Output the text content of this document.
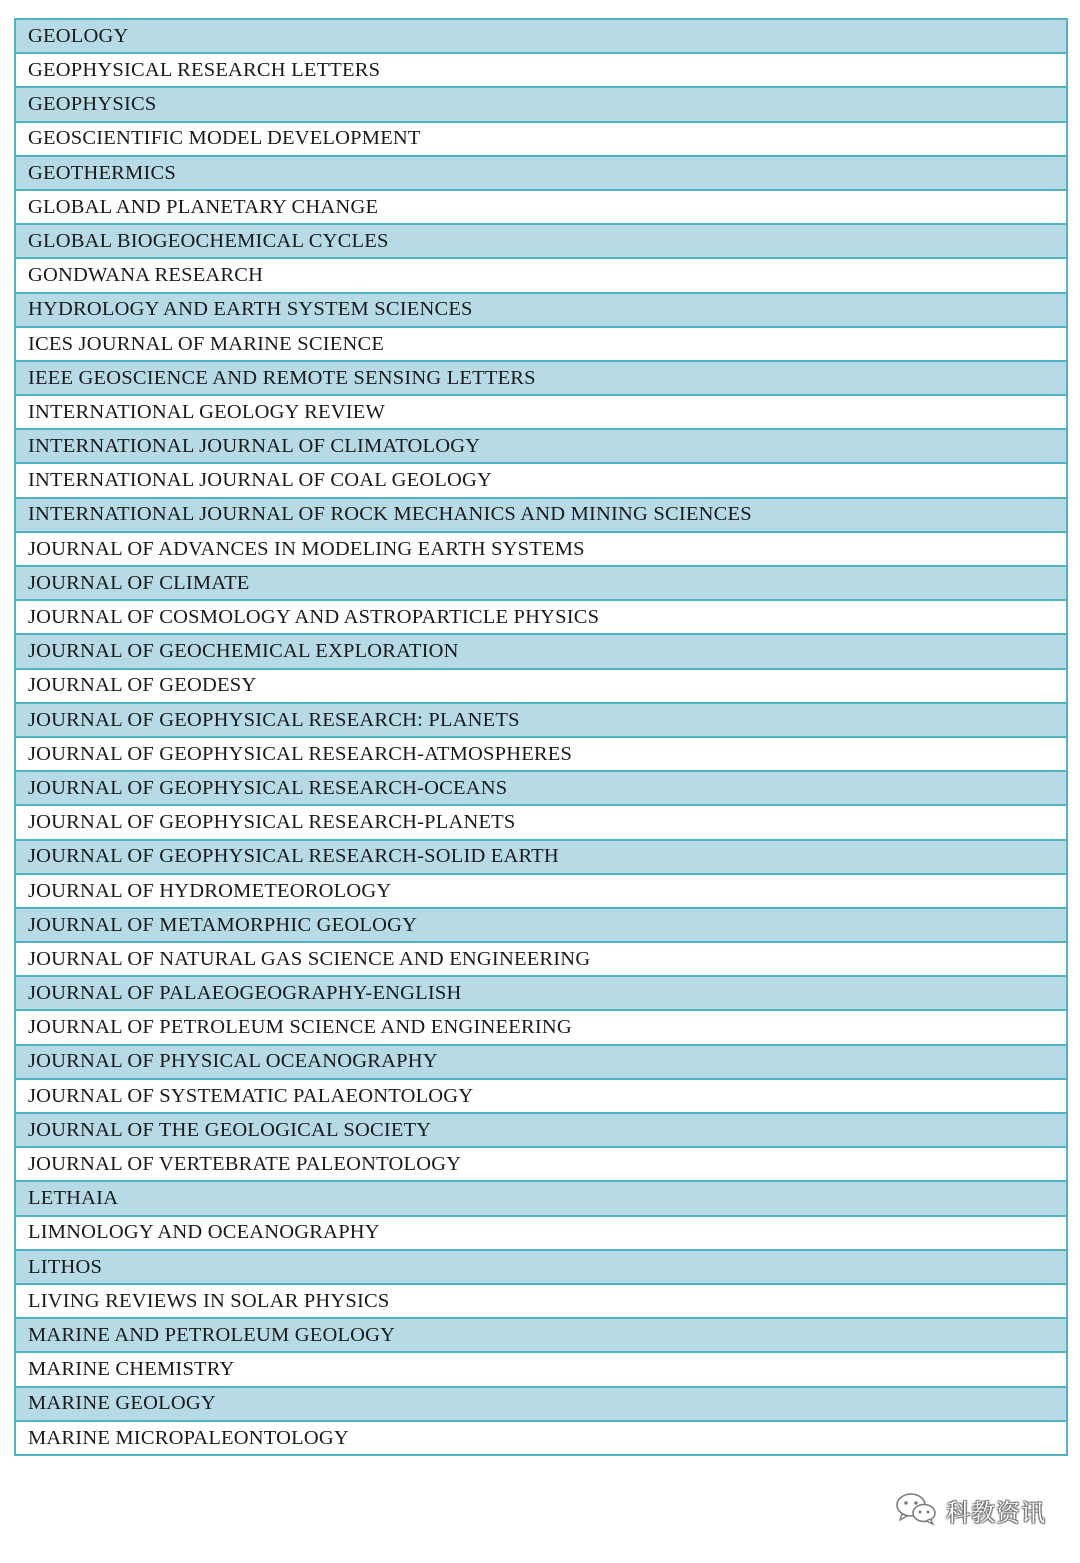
GEOLOGY
GEOPHYSICAL RESEARCH LETTERS
GEOPHYSICS
GEOSCIENTIFIC MODEL DEVELOPMENT
GEOTHERMICS
GLOBAL AND PLANETARY CHANGE
GLOBAL BIOGEOCHEMICAL CYCLES
GONDWANA RESEARCH
HYDROLOGY AND EARTH SYSTEM SCIENCES
ICES JOURNAL OF MARINE SCIENCE
IEEE GEOSCIENCE AND REMOTE SENSING LETTERS
INTERNATIONAL GEOLOGY REVIEW
INTERNATIONAL JOURNAL OF CLIMATOLOGY
INTERNATIONAL JOURNAL OF COAL GEOLOGY
INTERNATIONAL JOURNAL OF ROCK MECHANICS AND MINING SCIENCES
JOURNAL OF ADVANCES IN MODELING EARTH SYSTEMS
JOURNAL OF CLIMATE
JOURNAL OF COSMOLOGY AND ASTROPARTICLE PHYSICS
JOURNAL OF GEOCHEMICAL EXPLORATION
JOURNAL OF GEODESY
JOURNAL OF GEOPHYSICAL RESEARCH: PLANETS
JOURNAL OF GEOPHYSICAL RESEARCH-ATMOSPHERES
JOURNAL OF GEOPHYSICAL RESEARCH-OCEANS
JOURNAL OF GEOPHYSICAL RESEARCH-PLANETS
JOURNAL OF GEOPHYSICAL RESEARCH-SOLID EARTH
JOURNAL OF HYDROMETEOROLOGY
JOURNAL OF METAMORPHIC GEOLOGY
JOURNAL OF NATURAL GAS SCIENCE AND ENGINEERING
JOURNAL OF PALAEOGEOGRAPHY-ENGLISH
JOURNAL OF PETROLEUM SCIENCE AND ENGINEERING
JOURNAL OF PHYSICAL OCEANOGRAPHY
JOURNAL OF SYSTEMATIC PALAEONTOLOGY
JOURNAL OF THE GEOLOGICAL SOCIETY
JOURNAL OF VERTEBRATE PALEONTOLOGY
LETHAIA
LIMNOLOGY AND OCEANOGRAPHY
LITHOS
LIVING REVIEWS IN SOLAR PHYSICS
MARINE AND PETROLEUM GEOLOGY
MARINE CHEMISTRY
MARINE GEOLOGY
MARINE MICROPALEONTOLOGY
科教资讯
